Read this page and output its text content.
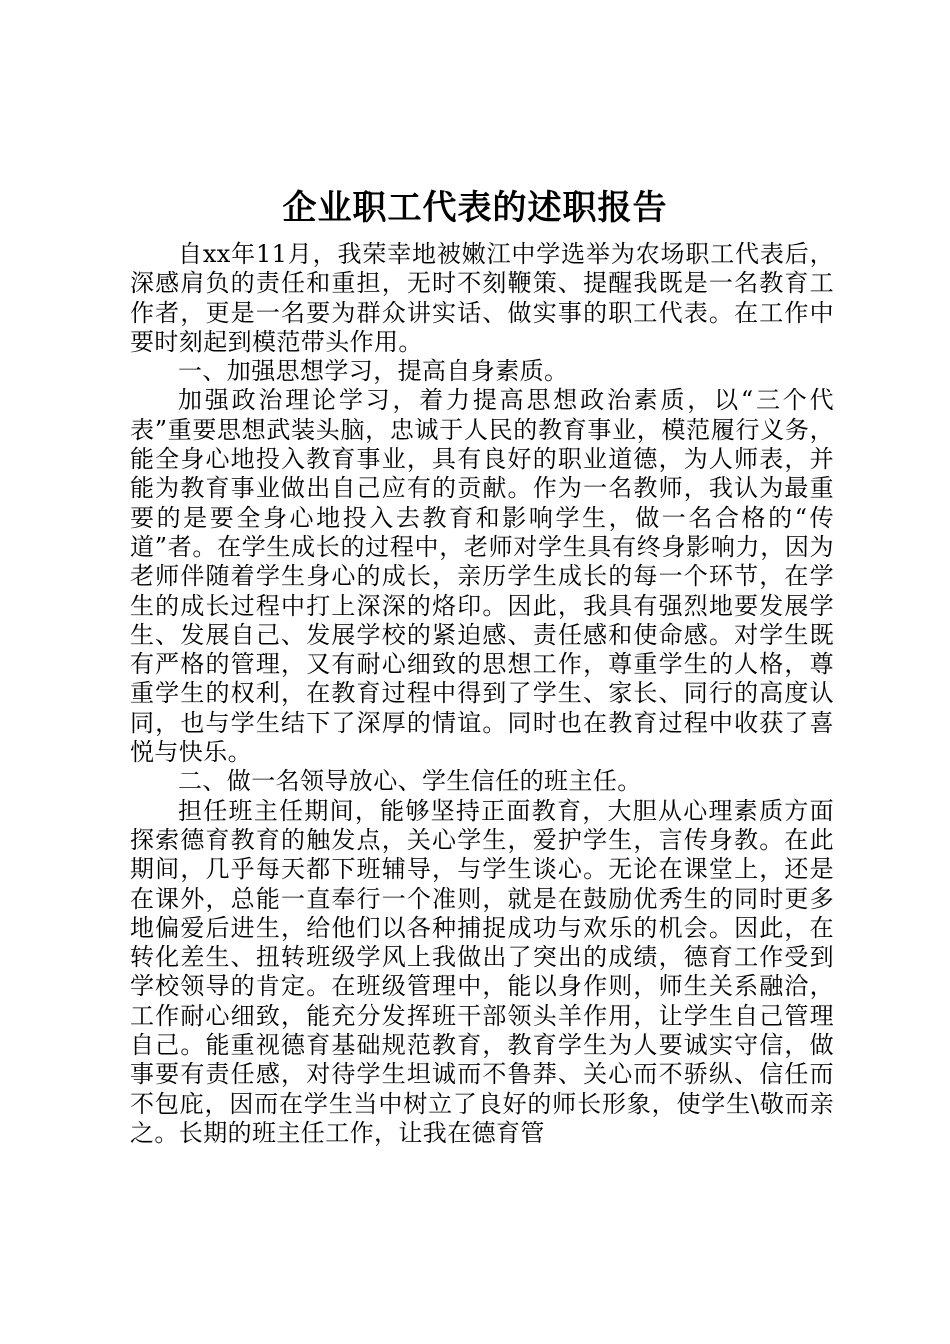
企业职工代表的述职报告

自xx年11月，我荣幸地被嫩江中学选举为农场职工代表后，深感肩负的责任和重担，无时不刻鞭策、提醒我既是一名教育工作者，更是一名要为群众讲实话、做实事的职工代表。在工作中要时刻起到模范带头作用。

一、加强思想学习，提高自身素质。

加强政治理论学习，着力提高思想政治素质，以“三个代表”重要思想武装头脑，忠诚于人民的教育事业，模范履行义务，能全身心地投入教育事业，具有良好的职业道德，为人师表，并能为教育事业做出自己应有的贡献。作为一名教师，我认为最重要的是要全身心地投入去教育和影响学生，做一名合格的“传道”者。在学生成长的过程中，老师对学生具有终身影响力，因为老师伴随着学生身心的成长，亲历学生成长的每一个环节，在学生的成长过程中打上深深的烙印。因此，我具有强烈地要发展学生、发展自己、发展学校的紧迫感、责任感和使命感。对学生既有严格的管理，又有耐心细致的思想工作，尊重学生的人格，尊重学生的权利，在教育过程中得到了学生、家长、同行的高度认同，也与学生结下了深厚的情谊。同时也在教育过程中收获了喜悦与快乐。

二、做一名领导放心、学生信任的班主任。

担任班主任期间，能够坚持正面教育，大胆从心理素质方面探索德育教育的触发点，关心学生，爱护学生，言传身教。在此期间，几乎每天都下班辅导，与学生谈心。无论在课堂上，还是在课外，总能一直奉行一个准则，就是在鼓励优秀生的同时更多地偏爱后进生，给他们以各种捕捉成功与欢乐的机会。因此，在转化差生、扭转班级学风上我做出了突出的成绩，德育工作受到学校领导的肯定。在班级管理中，能以身作则，师生关系融洽，工作耐心细致，能充分发挥班干部领头羊作用，让学生自己管理自己。能重视德育基础规范教育，教育学生为人要诚实守信，做事要有责任感，对待学生坦诚而不鲁莽、关心而不骄纵、信任而不包庇，因而在学生当中树立了良好的师长形象，使学生\敬而亲之。长期的班主任工作，让我在德育管
